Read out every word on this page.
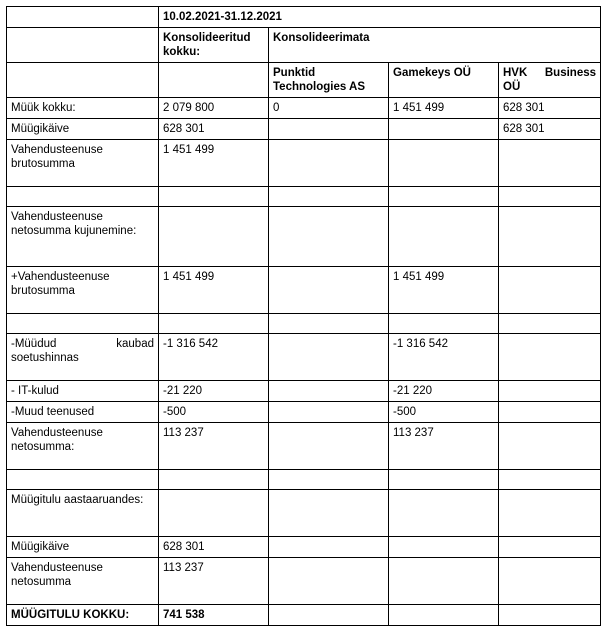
	10.02.2021-31.12.2021			
	Konsolideeritud kokku:	Konsolideerimata		
		Punktid Technologies AS	Gamekeys OÜ	HVK Business
OÜ
Müük kokku:	2 079 800	0	1 451 499	628 301
Müügikäive	628 301			628 301
Vahendusteenuse brutosumma	1 451 499			

Vahendusteenuse netosumma kujunemine:				
+Vahendusteenuse brutosumma	1 451 499		1 451 499	

-Müüdud kaubad
soetushinnas	-1 316 542		-1 316 542	
- IT-kulud	-21 220		-21 220	
-Muud teenused	-500		-500	
Vahendusteenuse netosumma:	113 237		113 237	

Müügitulu aastaaruandes:				
Müügikäive	628 301			
Vahendusteenuse netosumma	113 237			
MÜÜGITULU KOKKU:	741 538			
